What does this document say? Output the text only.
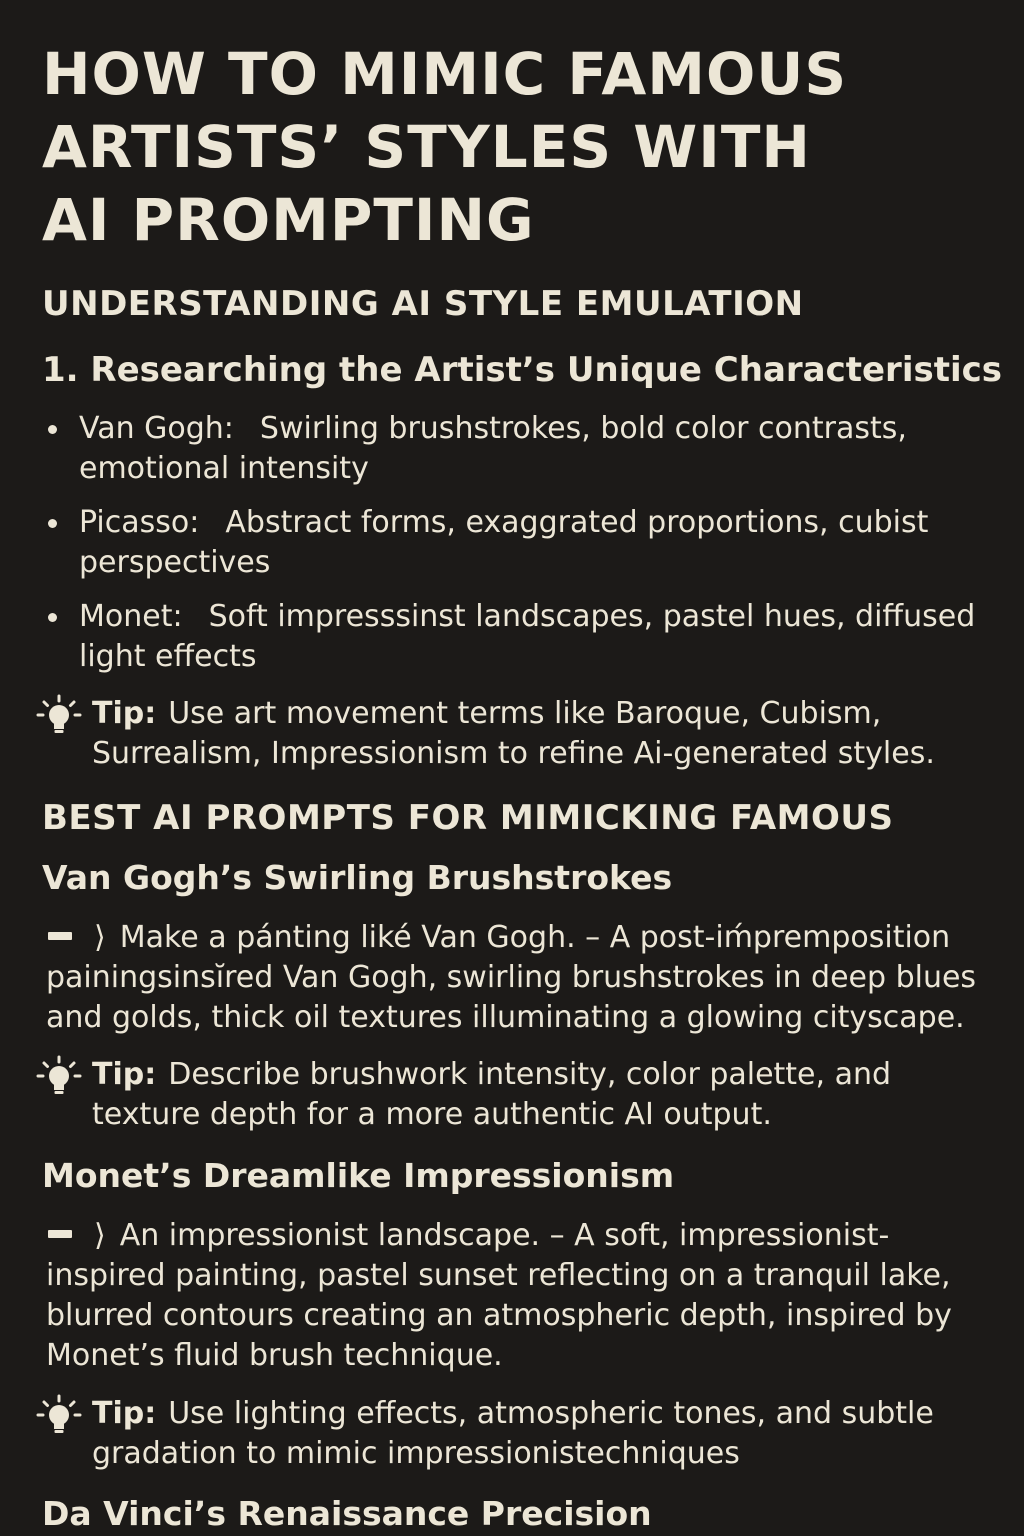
HOW TO MIMIC FAMOUS
ARTISTS’ STYLES WITH
AI PROMPTING
UNDERSTANDING AI STYLE EMULATION
1. Researching the Artist’s Unique Characteristics
Van Gogh: Swirling brushstrokes, bold color contrasts,
emotional intensity
Picasso: Abstract forms, exaggrated proportions, cubist
perspectives
Monet: Soft impresssinst landscapes, pastel hues, diffused
light effects
Tip: Use art movement terms like Baroque, Cubism,
Surrealism, Impressionism to refine Ai-generated styles.
BEST AI PROMPTS FOR MIMICKING FAMOUS
Van Gogh’s Swirling Brushstrokes
⟩ Make a pánting liké Van Gogh. – A post-iḿpremposition
painingsinsĭred Van Gogh, swirling brushstrokes in deep blues
and golds, thick oil textures illuminating a glowing cityscape.
Tip: Describe brushwork intensity, color palette, and
texture depth for a more authentic AI output.
Monet’s Dreamlike Impressionism
⟩ An impressionist landscape. – A soft, impressionist-
inspired painting, pastel sunset reflecting on a tranquil lake,
blurred contours creating an atmospheric depth, inspired by
Monet’s fluid brush technique.
Tip: Use lighting effects, atmospheric tones, and subtle
gradation to mimic impressionistechniques
Da Vinci’s Renaissance Precision
